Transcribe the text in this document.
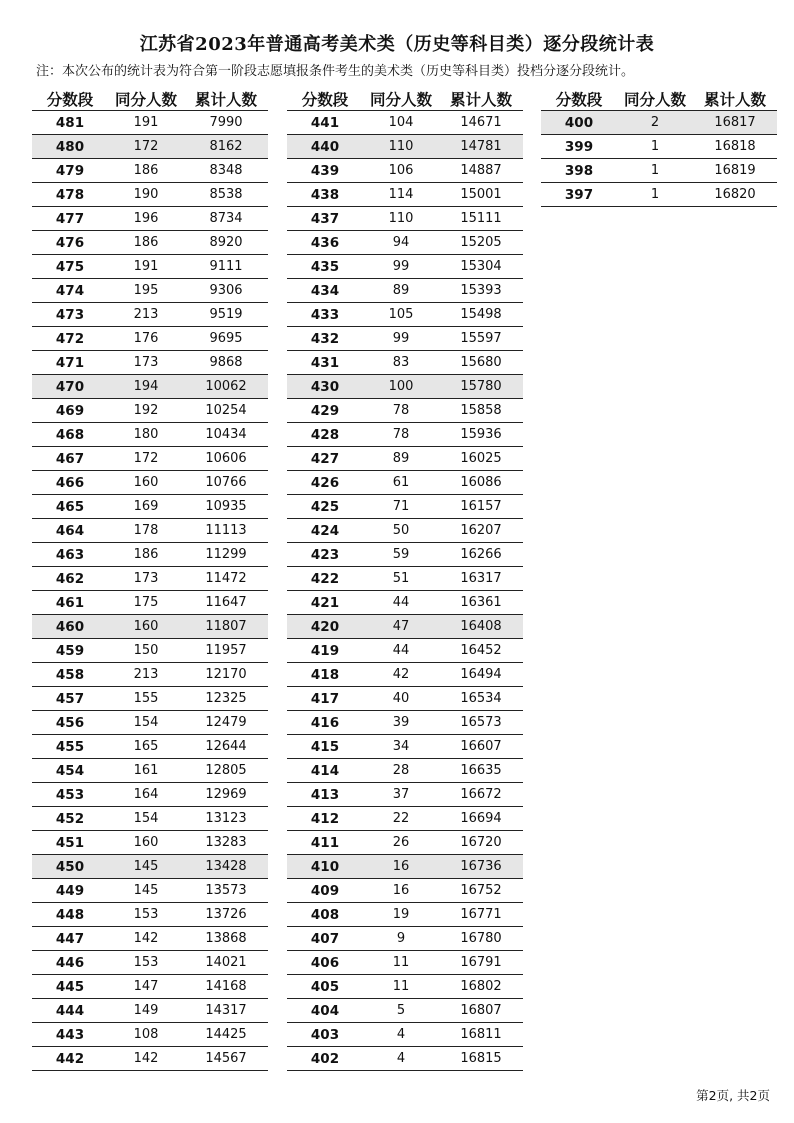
江苏省2023年普通高考美术类（历史等科目类）逐分段统计表
注：本次公布的统计表为符合第一阶段志愿填报条件考生的美术类（历史等科目类）投档分逐分段统计。
分数段	同分人数	累计人数
481	191	7990
480	172	8162
479	186	8348
478	190	8538
477	196	8734
476	186	8920
475	191	9111
474	195	9306
473	213	9519
472	176	9695
471	173	9868
470	194	10062
469	192	10254
468	180	10434
467	172	10606
466	160	10766
465	169	10935
464	178	11113
463	186	11299
462	173	11472
461	175	11647
460	160	11807
459	150	11957
458	213	12170
457	155	12325
456	154	12479
455	165	12644
454	161	12805
453	164	12969
452	154	13123
451	160	13283
450	145	13428
449	145	13573
448	153	13726
447	142	13868
446	153	14021
445	147	14168
444	149	14317
443	108	14425
442	142	14567
分数段	同分人数	累计人数
441	104	14671
440	110	14781
439	106	14887
438	114	15001
437	110	15111
436	94	15205
435	99	15304
434	89	15393
433	105	15498
432	99	15597
431	83	15680
430	100	15780
429	78	15858
428	78	15936
427	89	16025
426	61	16086
425	71	16157
424	50	16207
423	59	16266
422	51	16317
421	44	16361
420	47	16408
419	44	16452
418	42	16494
417	40	16534
416	39	16573
415	34	16607
414	28	16635
413	37	16672
412	22	16694
411	26	16720
410	16	16736
409	16	16752
408	19	16771
407	9	16780
406	11	16791
405	11	16802
404	5	16807
403	4	16811
402	4	16815
分数段	同分人数	累计人数
400	2	16817
399	1	16818
398	1	16819
397	1	16820
第2页, 共2页
